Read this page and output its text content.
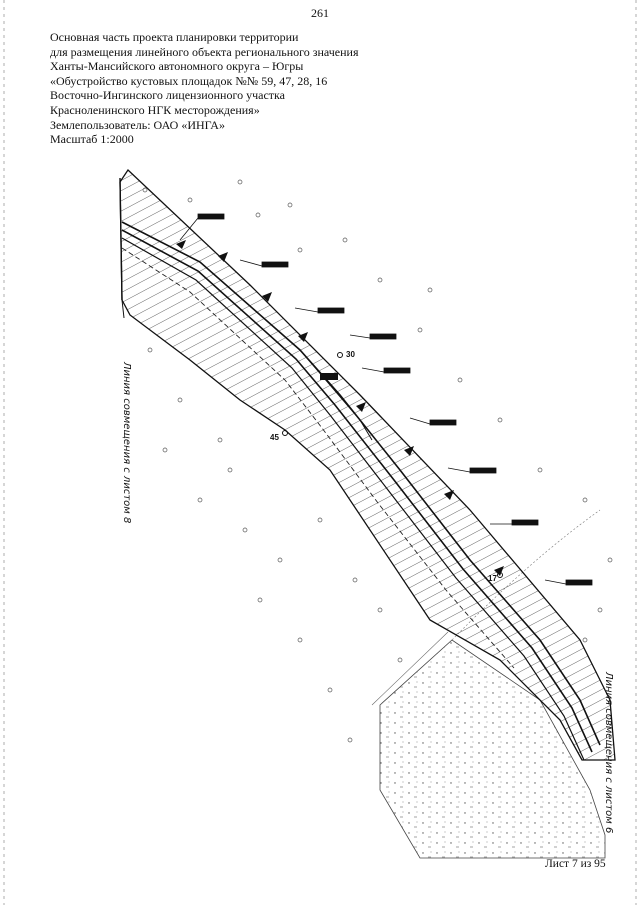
261
Основная часть проекта планировки территории
для размещения линейного объекта регионального значения
Ханты-Мансийского автономного округа – Югры
«Обустройство кустовых площадок №№ 59, 47, 28, 16
Восточно-Ингинского лицензионного участка
Красноленинского НГК месторождения»
Землепользователь: ОАО «ИНГА»
Масштаб 1:2000
30
45
17
Линия совмещения с листом 8
Линия совмещения с листом 6
Лист 7 из 95
